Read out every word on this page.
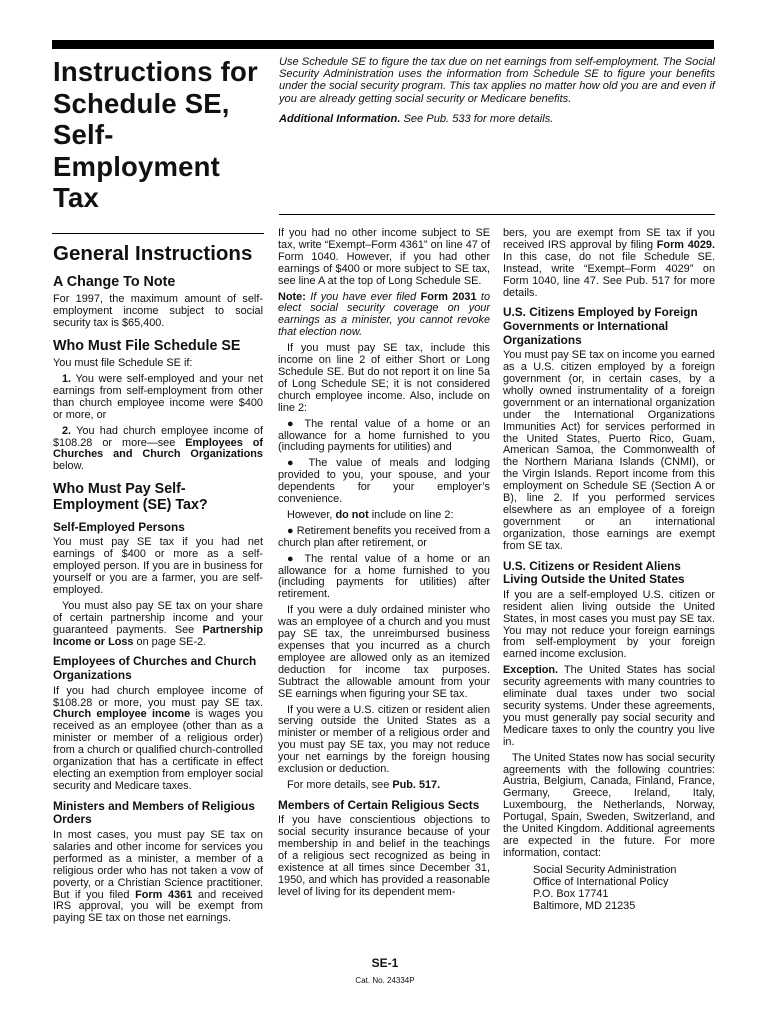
Instructions for
Schedule SE,
Self-
Employment
Tax

Use Schedule SE to figure the tax due on net earnings from self-employment. The Social Security Administration uses the information from Schedule SE to figure your benefits under the social security program. This tax applies no matter how old you are and even if you are already getting social security or Medicare benefits.

Additional Information. See Pub. 533 for more details.

General Instructions
A Change To Note

For 1997, the maximum amount of self-employment income subject to social security tax is $65,400.

Who Must File Schedule SE

You must file Schedule SE if:

1. You were self-employed and your net earnings from self-employment from other than church employee income were $400 or more, or

2. You had church employee income of $108.28 or more—see Employees of Churches and Church Organizations below.

Who Must Pay Self-Employment (SE) Tax?
Self-Employed Persons

You must pay SE tax if you had net earnings of $400 or more as a self-employed person. If you are in business for yourself or you are a farmer, you are self-employed.

You must also pay SE tax on your share of certain partnership income and your guaranteed payments. See Partnership Income or Loss on page SE-2.

Employees of Churches and Church Organizations

If you had church employee income of $108.28 or more, you must pay SE tax. Church employee income is wages you received as an employee (other than as a minister or member of a religious order) from a church or qualified church-controlled organization that has a certificate in effect electing an exemption from employer social security and Medicare taxes.

Ministers and Members of Religious Orders

In most cases, you must pay SE tax on salaries and other income for services you performed as a minister, a member of a religious order who has not taken a vow of poverty, or a Christian Science practitioner. But if you filed Form 4361 and received IRS approval, you will be exempt from paying SE tax on those net earnings.

If you had no other income subject to SE tax, write “Exempt–Form 4361” on line 47 of Form 1040. However, if you had other earnings of $400 or more subject to SE tax, see line A at the top of Long Schedule SE.

Note: If you have ever filed Form 2031 to elect social security coverage on your earnings as a minister, you cannot revoke that election now.

If you must pay SE tax, include this income on line 2 of either Short or Long Schedule SE. But do not report it on line 5a of Long Schedule SE; it is not considered church employee income. Also, include on line 2:

● The rental value of a home or an allowance for a home furnished to you (including payments for utilities) and

● The value of meals and lodging provided to you, your spouse, and your dependents for your employer’s convenience.

However, do not include on line 2:

● Retirement benefits you received from a church plan after retirement, or

● The rental value of a home or an allowance for a home furnished to you (including payments for utilities) after retirement.

If you were a duly ordained minister who was an employee of a church and you must pay SE tax, the unreimbursed business expenses that you incurred as a church employee are allowed only as an itemized deduction for income tax purposes. Subtract the allowable amount from your SE earnings when figuring your SE tax.

If you were a U.S. citizen or resident alien serving outside the United States as a minister or member of a religious order and you must pay SE tax, you may not reduce your net earnings by the foreign housing exclusion or deduction.

For more details, see Pub. 517.

Members of Certain Religious Sects

If you have conscientious objections to social security insurance because of your membership in and belief in the teachings of a religious sect recognized as being in existence at all times since December 31, 1950, and which has provided a reasonable level of living for its dependent mem-

bers, you are exempt from SE tax if you received IRS approval by filing Form 4029. In this case, do not file Schedule SE. Instead, write “Exempt–Form 4029” on Form 1040, line 47. See Pub. 517 for more details.

U.S. Citizens Employed by Foreign Governments or International Organizations

You must pay SE tax on income you earned as a U.S. citizen employed by a foreign government (or, in certain cases, by a wholly owned instrumentality of a foreign government or an international organization under the International Organizations Immunities Act) for services performed in the United States, Puerto Rico, Guam, American Samoa, the Commonwealth of the Northern Mariana Islands (CNMI), or the Virgin Islands. Report income from this employment on Schedule SE (Section A or B), line 2. If you performed services elsewhere as an employee of a foreign government or an international organization, those earnings are exempt from SE tax.

U.S. Citizens or Resident Aliens Living Outside the United States

If you are a self-employed U.S. citizen or resident alien living outside the United States, in most cases you must pay SE tax. You may not reduce your foreign earnings from self-employment by your foreign earned income exclusion.

Exception. The United States has social security agreements with many countries to eliminate dual taxes under two social security systems. Under these agreements, you must generally pay social security and Medicare taxes to only the country you live in.

The United States now has social security agreements with the following countries: Austria, Belgium, Canada, Finland, France, Germany, Greece, Ireland, Italy, Luxembourg, the Netherlands, Norway, Portugal, Spain, Sweden, Switzerland, and the United Kingdom. Additional agreements are expected in the future. For more information, contact:

Social Security Administration
Office of International Policy
P.O. Box 17741
Baltimore, MD 21235
SE-1
Cat. No. 24334P
